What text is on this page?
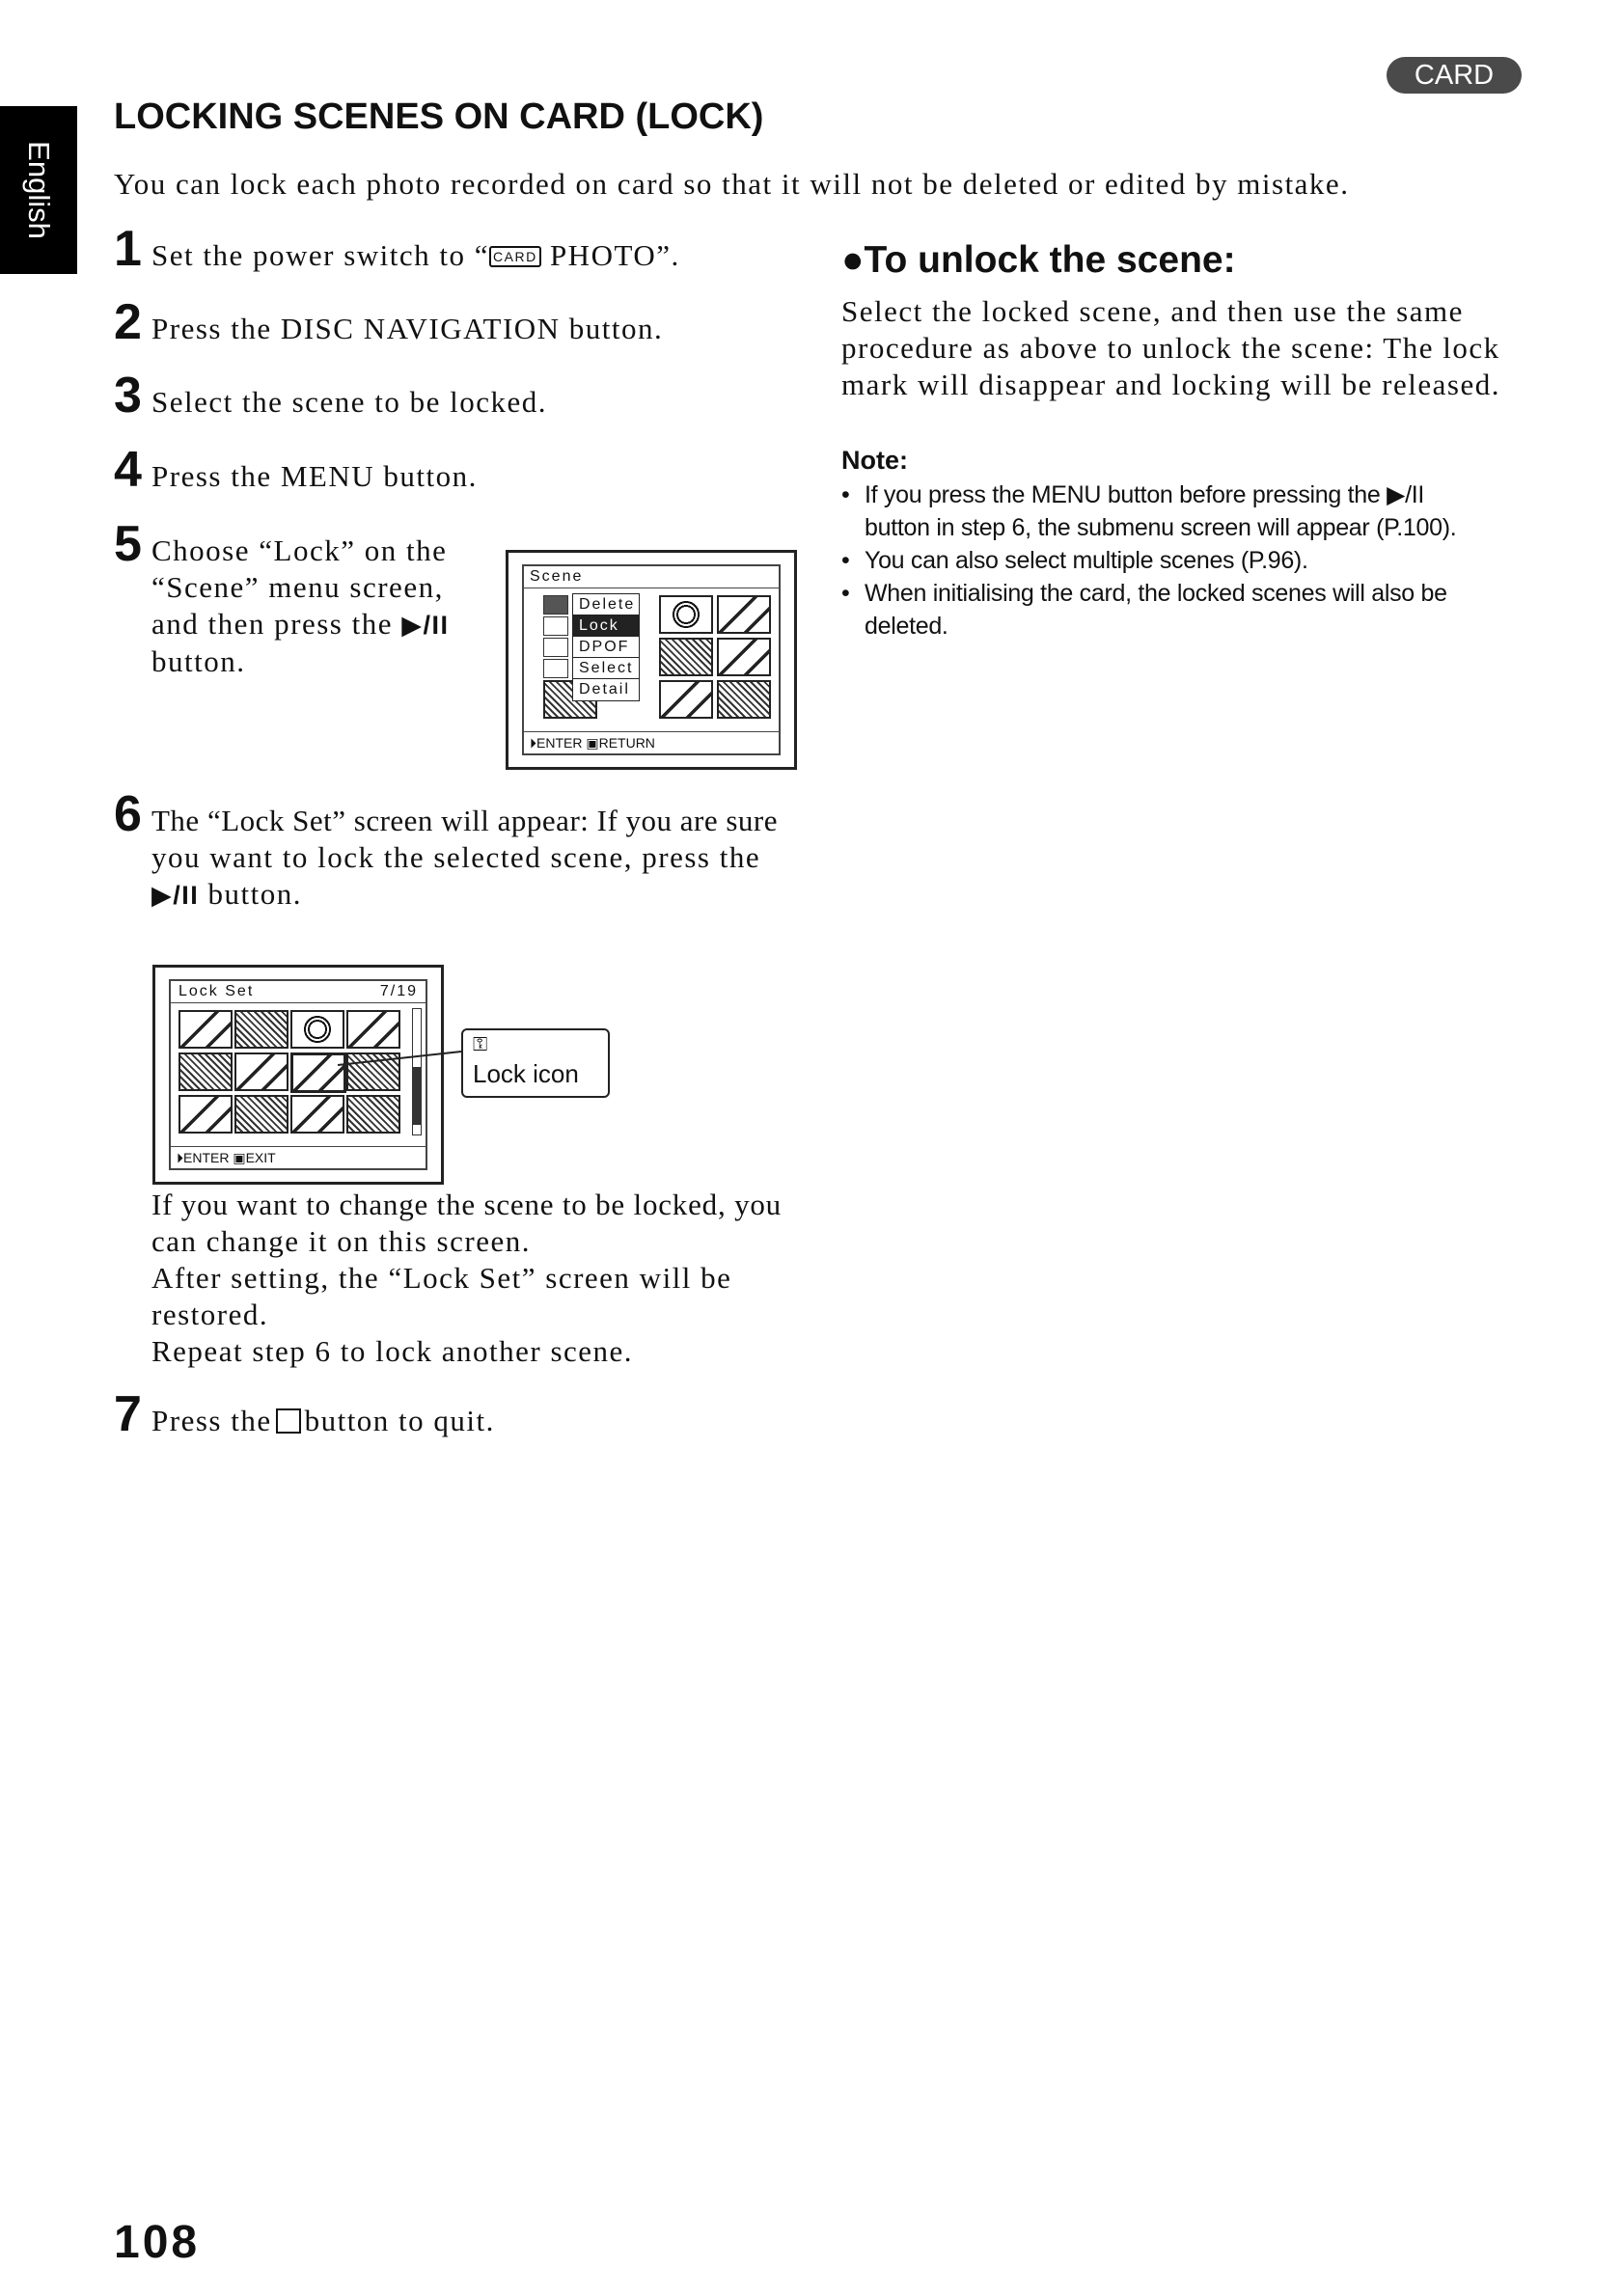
English
CARD
LOCKING SCENES ON CARD (LOCK)
You can lock each photo recorded on card so that it will not be deleted or edited by mistake.
1 Set the power switch to “ CARD PHOTO”.
2 Press the DISC NAVIGATION button.
3 Select the scene to be locked.
4 Press the MENU button.
5 Choose “Lock” on the
“Scene” menu screen,
and then press the ▶/II
button.
Scene
Delete
Lock
DPOF
Select
Detail
⏵ENTER ▣RETURN
6 The “Lock Set” screen will appear: If you are sure
you want to lock the selected scene, press the
▶/II button.
Lock Set	7/19
⏵ENTER ▣EXIT
⚿
Lock icon
If you want to change the scene to be locked, you
can change it on this screen.
After setting, the “Lock Set” screen will be
restored.
Repeat step 6 to lock another scene.
7 Press the button to quit.
●To unlock the scene:
Select the locked scene, and then use the same
procedure as above to unlock the scene: The lock
mark will disappear and locking will be released.
Note:
• If you press the MENU button before pressing the ▶/II
button in step 6, the submenu screen will appear (P.100).
• You can also select multiple scenes (P.96).
• When initialising the card, the locked scenes will also be
deleted.
108
